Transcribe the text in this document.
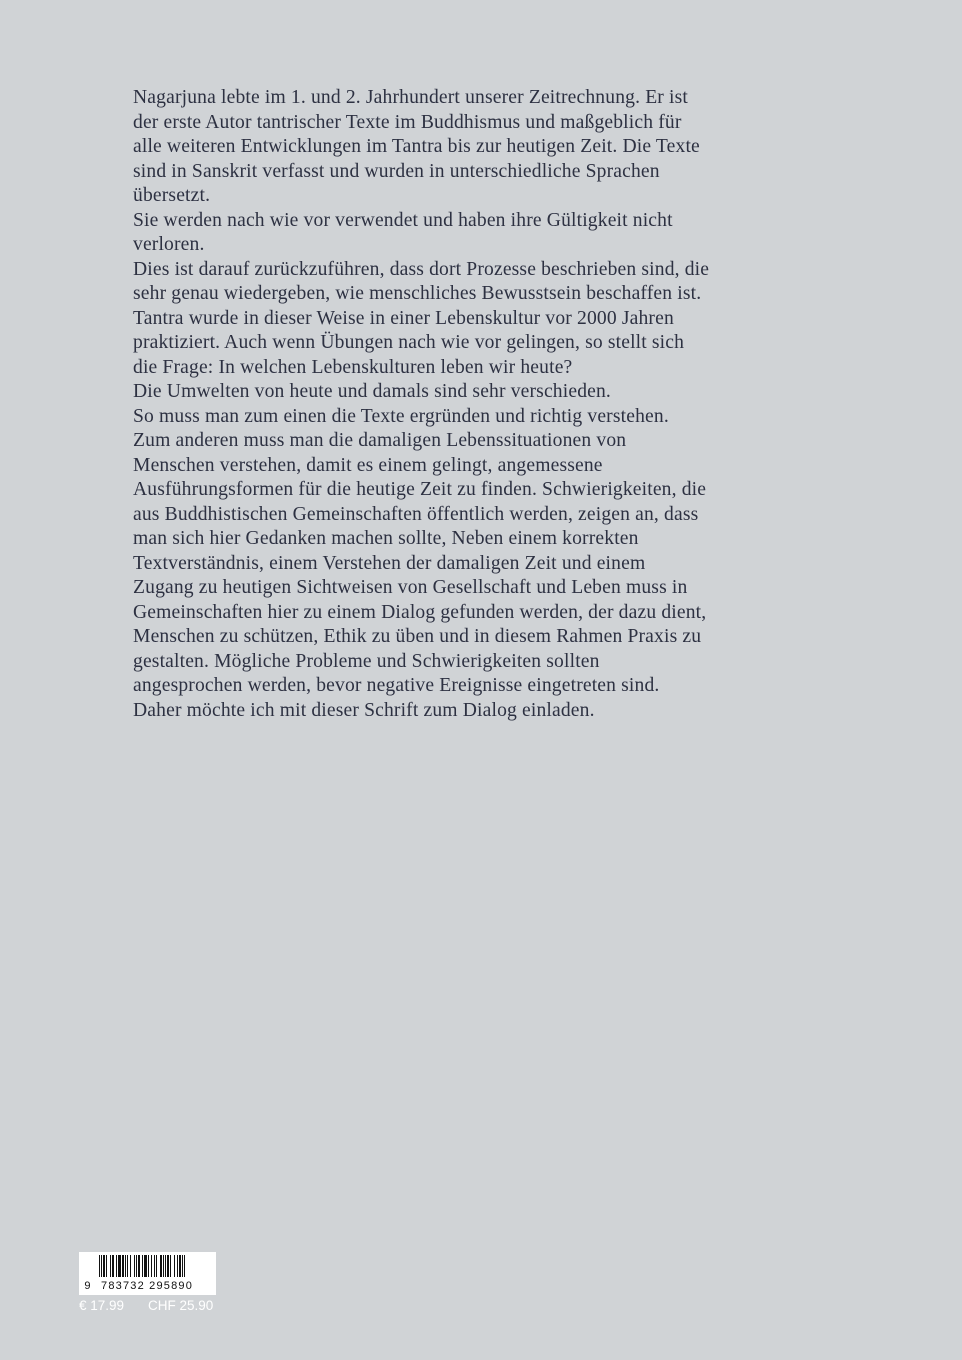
Nagarjuna lebte im 1. und 2. Jahrhundert unserer Zeitrechnung. Er ist

der erste Autor tantrischer Texte im Buddhismus und maßgeblich für

alle weiteren Entwicklungen im Tantra bis zur heutigen Zeit. Die Texte

sind in Sanskrit verfasst und wurden in unterschiedliche Sprachen

übersetzt.

Sie werden nach wie vor verwendet und haben ihre Gültigkeit nicht

verloren.

Dies ist darauf zurückzuführen, dass dort Prozesse beschrieben sind, die

sehr genau wiedergeben, wie menschliches Bewusstsein beschaffen ist.

Tantra wurde in dieser Weise in einer Lebenskultur vor 2000 Jahren

praktiziert. Auch wenn Übungen nach wie vor gelingen, so stellt sich

die Frage: In welchen Lebenskulturen leben wir heute?

Die Umwelten von heute und damals sind sehr verschieden.

So muss man zum einen die Texte ergründen und richtig verstehen.

Zum anderen muss man die damaligen Lebenssituationen von

Menschen verstehen, damit es einem gelingt, angemessene

Ausführungsformen für die heutige Zeit zu finden. Schwierigkeiten, die

aus Buddhistischen Gemeinschaften öffentlich werden, zeigen an, dass

man sich hier Gedanken machen sollte, Neben einem korrekten

Textverständnis, einem Verstehen der damaligen Zeit und einem

Zugang zu heutigen Sichtweisen von Gesellschaft und Leben muss in

Gemeinschaften hier zu einem Dialog gefunden werden, der dazu dient,

Menschen zu schützen, Ethik zu üben und in diesem Rahmen Praxis zu

gestalten. Mögliche Probleme und Schwierigkeiten sollten

angesprochen werden, bevor negative Ereignisse eingetreten sind.

Daher möchte ich mit dieser Schrift zum Dialog einladen.

9 783732 295890
€ 17.99 CHF 25.90
